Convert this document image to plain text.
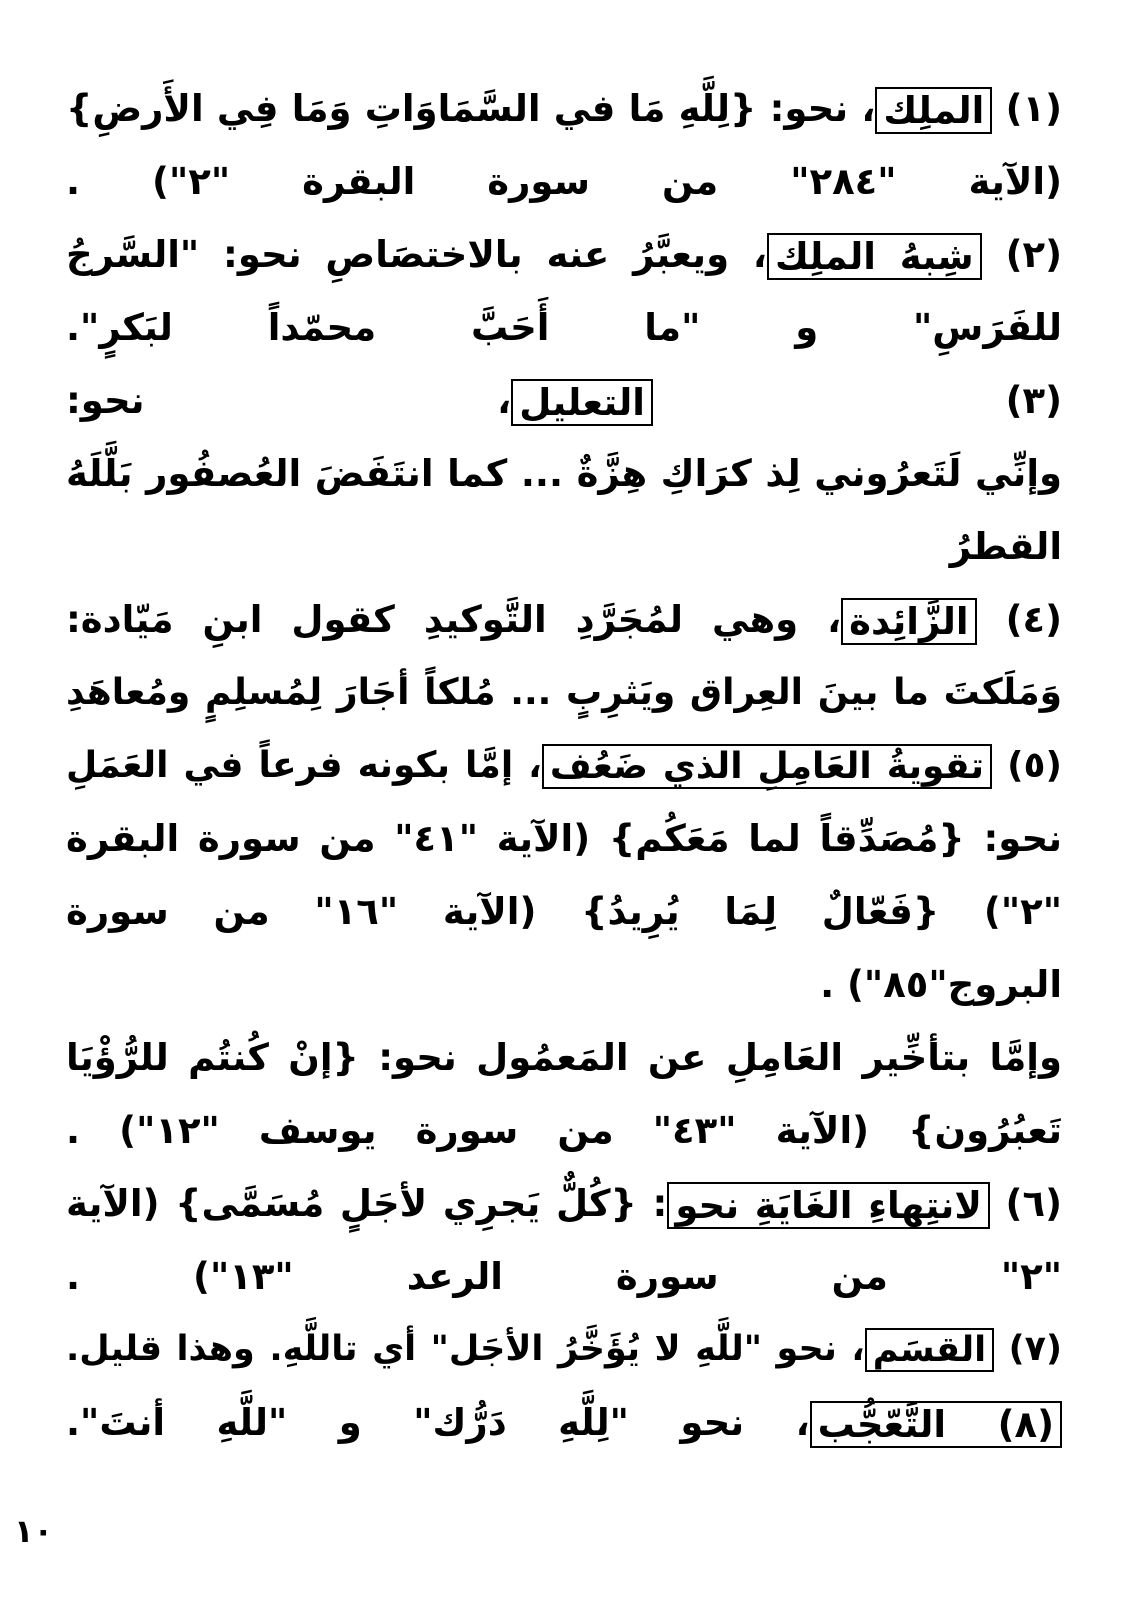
(١) الملِك، نحو: {لِلَّهِ مَا في السَّمَاوَاتِ وَمَا فِي الأَرضِ}
(الآية "٢٨٤" من سورة البقرة "٢") .
(٢) شِبهُ الملِك، ويعبَّرُ عنه بالاختصَاصِ نحو: "السَّرجُ
للفَرَسِ" و "ما أَحَبَّ محمّداً لبَكرٍ".
(٣) التعليل، نحو:
وإنِّي لَتَعرُوني لِذ كرَاكِ هِزَّةٌ ... كما انتَفَضَ العُصفُور بَلَّلَهُ
القطرُ
(٤) الزَّائِدة، وهي لمُجَرَّدِ التَّوكيدِ كقول ابنِ مَيّادة:
وَمَلَكتَ ما بينَ العِراق ويَثرِبٍ ... مُلكاً أجَارَ لِمُسلِمٍ ومُعاهَدِ
(٥) تقويةُ العَامِلِ الذي ضَعُف، إمَّا بكونه فرعاً في العَمَلِ
نحو: {مُصَدِّقاً لما مَعَكُم} (الآية "٤١" من سورة البقرة
"٢") {فَعّالٌ لِمَا يُرِيدُ} (الآية "١٦" من سورة
البروج"٨٥") .
وإمَّا بتأخِّير العَامِلِ عن المَعمُول نحو: {إنْ كُنتُم للرُّؤْيَا
تَعبُرُون} (الآية "٤٣" من سورة يوسف "١٢") .
(٦) لانتِهاءِ الغَايَةِ نحو: {كُلٌّ يَجرِي لأجَلٍ مُسَمَّى} (الآية
"٢" من سورة الرعد "١٣") .
(٧) القسَم، نحو "للَّهِ لا يُؤَخَّرُ الأجَل" أي تاللَّهِ. وهذا قليل.
(٨) التَّعّجُّب، نحو "لِلَّهِ دَرُّك" و "للَّهِ أنتَ".
١٠
